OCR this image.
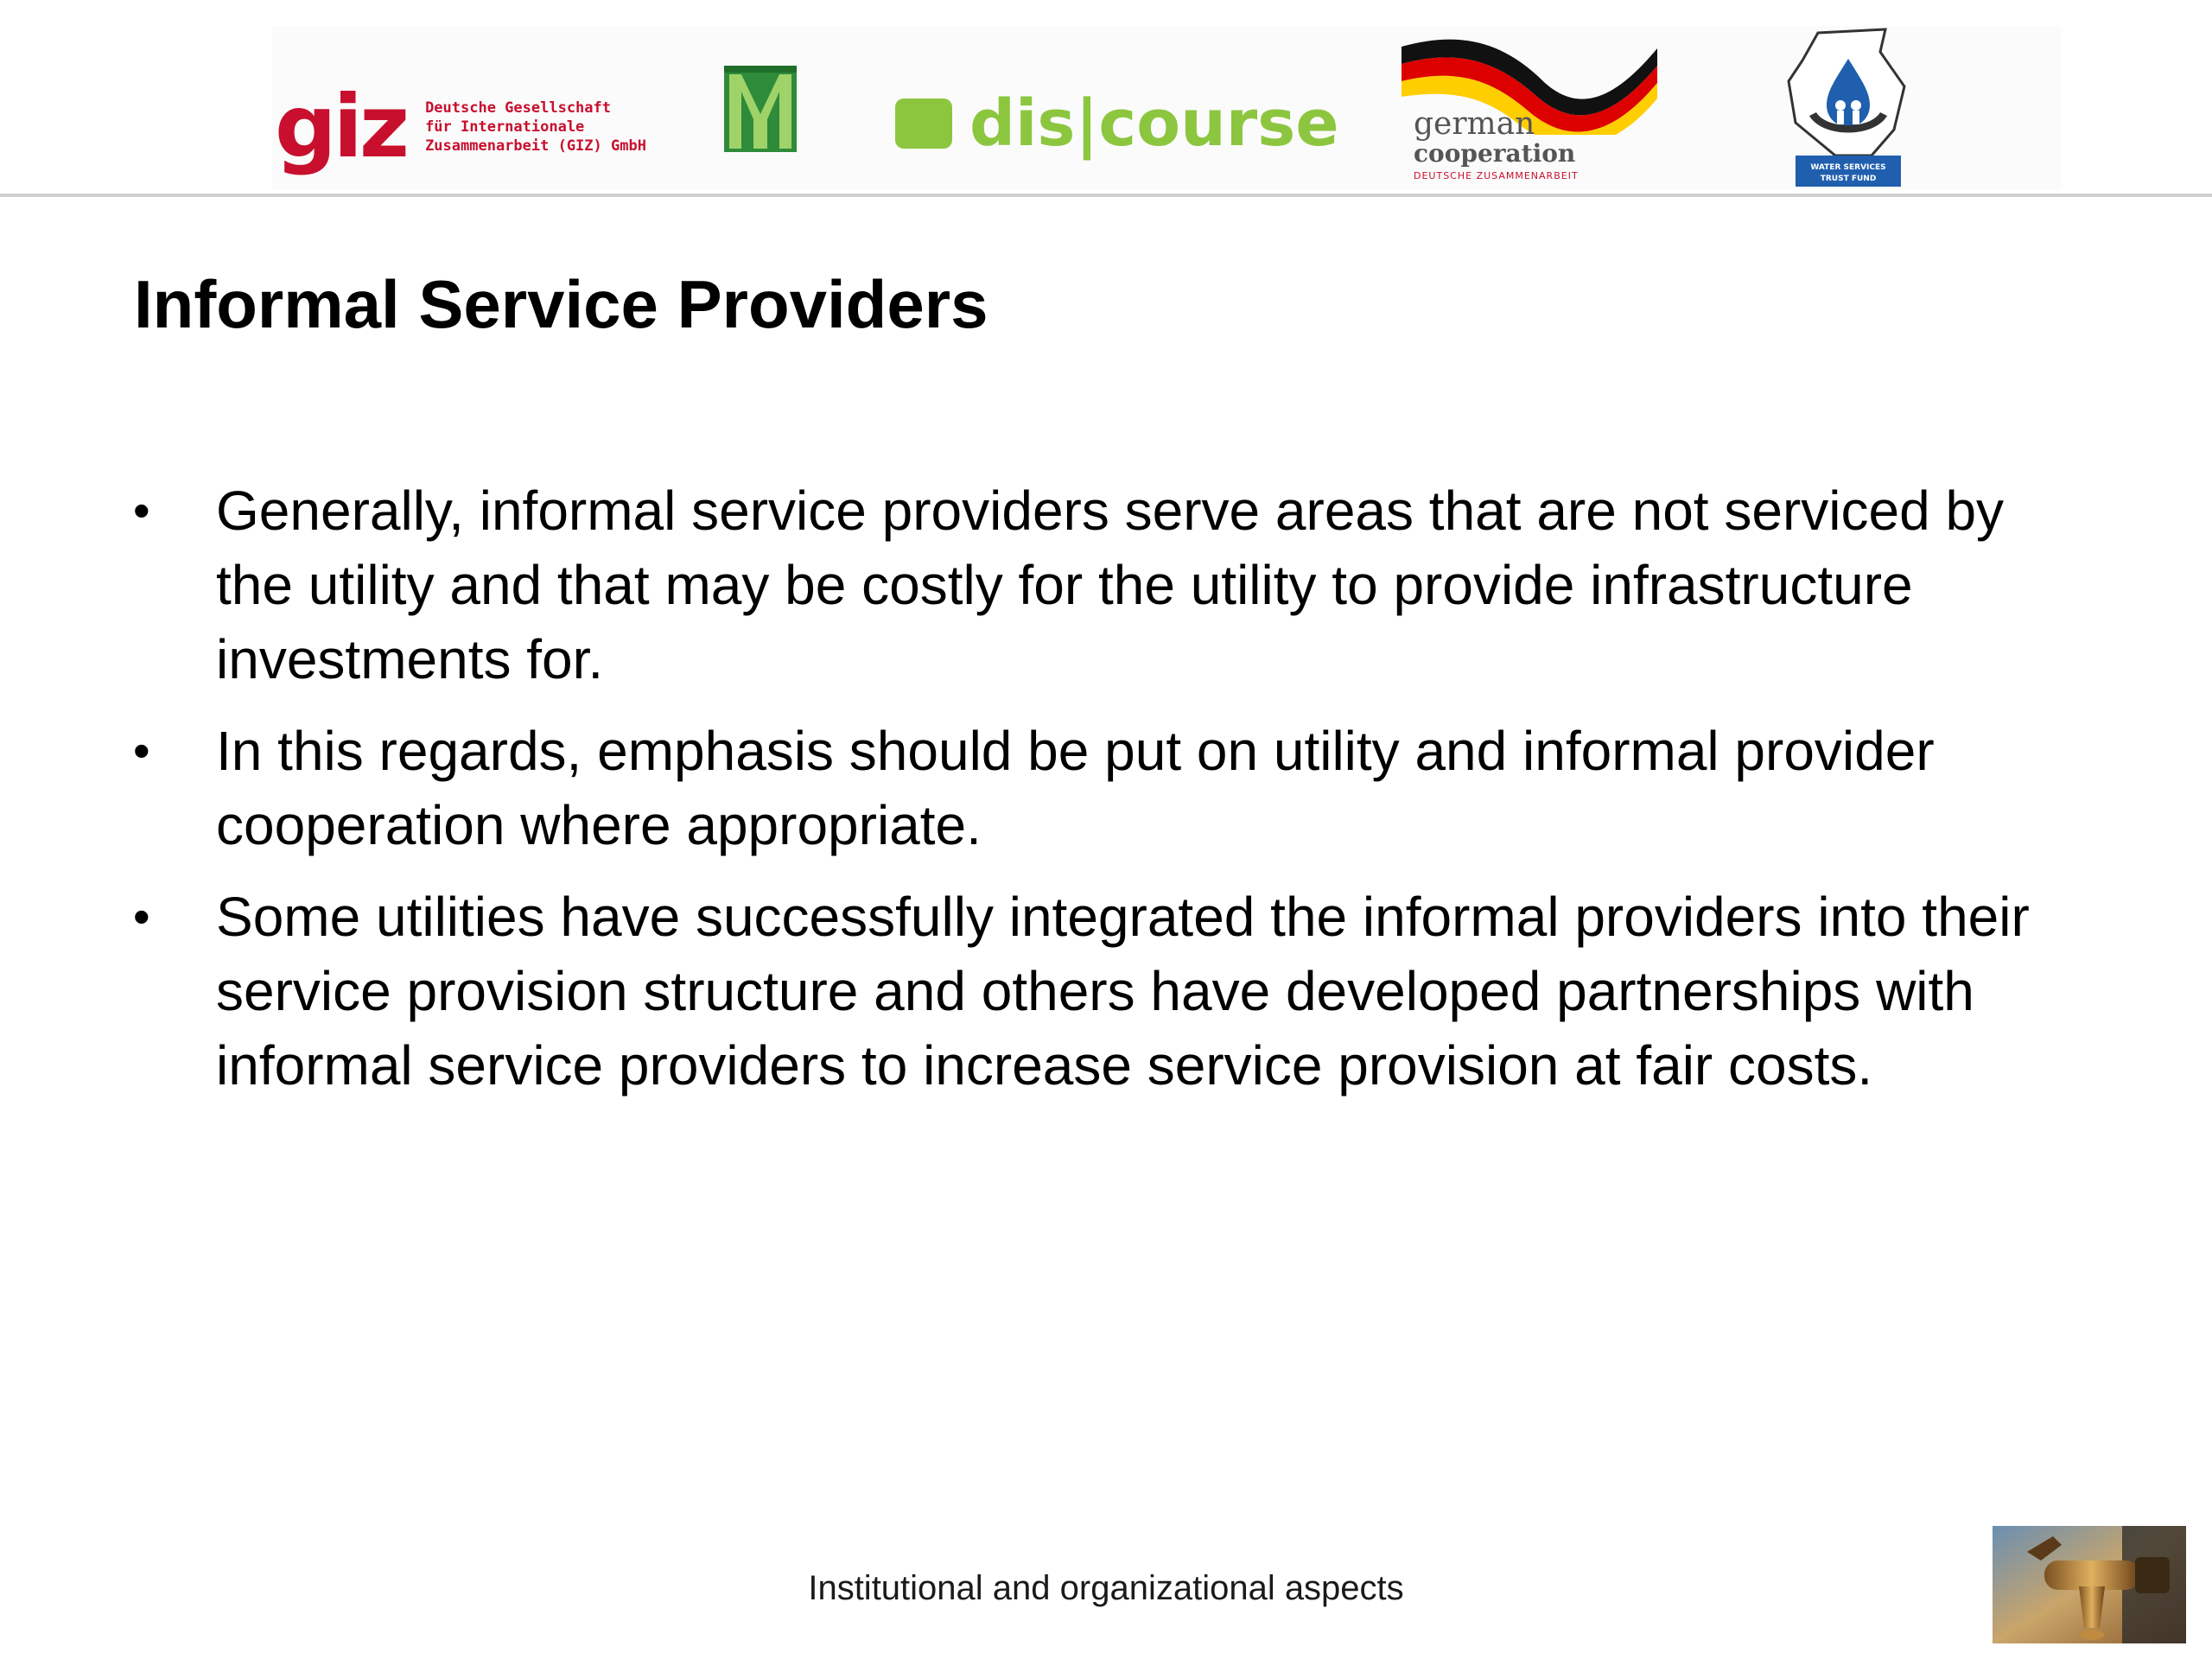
giz Deutsche Gesellschaft
für Internationale
Zusammenarbeit (GIZ) GmbH	dis|course german
cooperation
DEUTSCHE ZUSAMMENARBEIT
WATER SERVICES
TRUST FUND
Informal Service Providers
• Generally, informal service providers serve areas that are not serviced by the utility and that may be costly for the utility to provide infrastructure investments for.
• In this regards, emphasis should be put on utility and informal provider cooperation where appropriate.
• Some utilities have successfully integrated the informal providers into their service provision structure and others have developed partnerships with informal service providers to increase service provision at fair costs.
Institutional and organizational aspects
